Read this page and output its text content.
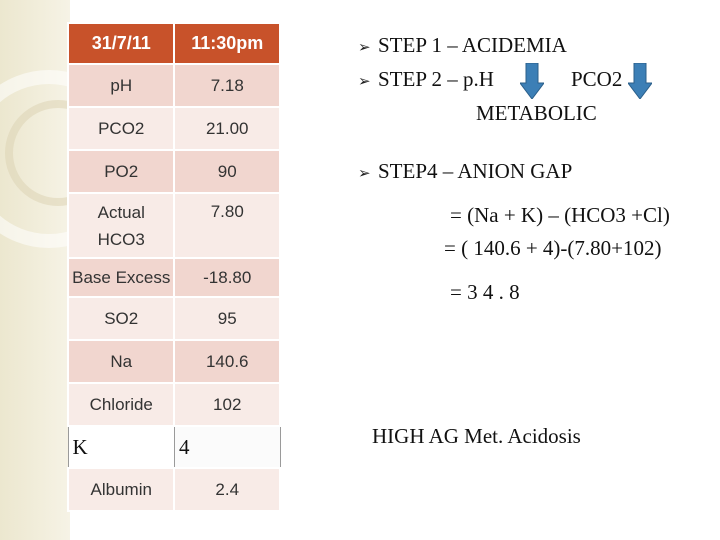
31/7/11	11:30pm
pH	7.18
PCO2	21.00
PO2	90
Actual HCO3	7.80
Base Excess	-18.80
SO2	95
Na	140.6
Chloride	102
K	4
Albumin	2.4
➢ STEP 1 – ACIDEMIA
➢ STEP 2 – p.H	PCO2
METABOLIC
➢ STEP4 – ANION GAP
= (Na + K) – (HCO3 +Cl)
= ( 140.6 + 4)-(7.80+102)
= 3 4 . 8
HIGH AG Met. Acidosis
